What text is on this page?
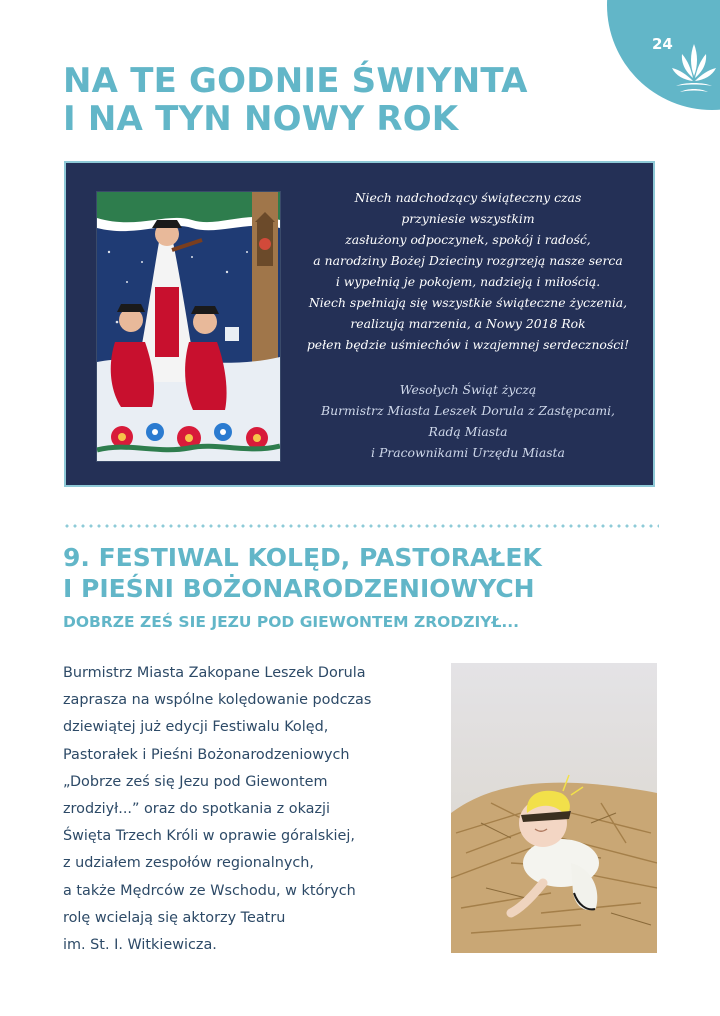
24
NA TE GODNIE ŚWIYNTA
I NA TYN NOWY ROK
Niech nadchodzący świąteczny czas
przyniesie wszystkim
zasłużony odpoczynek, spokój i radość,
a narodziny Bożej Dzieciny rozgrzeją nasze serca
i wypełnią je pokojem, nadzieją i miłością.
Niech spełniają się wszystkie świąteczne życzenia,
realizują marzenia, a Nowy 2018 Rok
pełen będzie uśmiechów i wzajemnej serdeczności!
Wesołych Świąt życzą
Burmistrz Miasta Leszek Dorula z Zastępcami,
Radą Miasta
i Pracownikami Urzędu Miasta
9. FESTIWAL KOLĘD, PASTORAŁEK
I PIEŚNI BOŻONARODZENIOWYCH
DOBRZE ZEŚ SIE JEZU POD GIEWONTEM ZRODZIYŁ...
Burmistrz Miasta Zakopane Leszek Dorula
zaprasza na wspólne kolędowanie podczas
dziewiątej już edycji Festiwalu Kolęd,
Pastorałek i Pieśni Bożonarodzeniowych
„Dobrze ześ się Jezu pod Giewontem
zrodziył...” oraz do spotkania z okazji
Święta Trzech Króli w oprawie góralskiej,
z udziałem zespołów regionalnych,
a także Mędrców ze Wschodu, w których
rolę wcielają się aktorzy Teatru
im. St. I. Witkiewicza.
